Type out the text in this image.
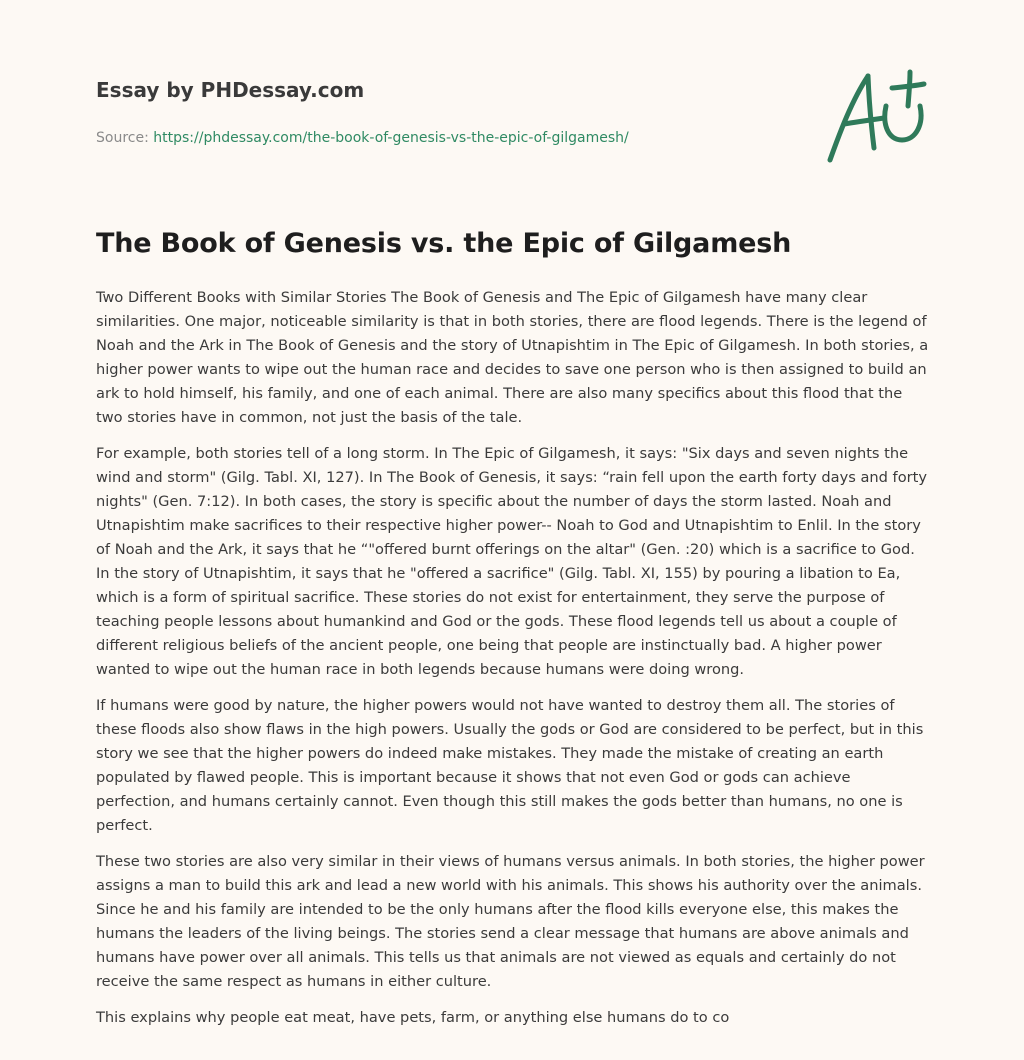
Essay by PHDessay.com
Source: https://phdessay.com/the-book-of-genesis-vs-the-epic-of-gilgamesh/
The Book of Genesis vs. the Epic of Gilgamesh

Two Different Books with Similar Stories The Book of Genesis and The Epic of Gilgamesh have many clear similarities. One major, noticeable similarity is that in both stories, there are flood legends. There is the legend of Noah and the Ark in The Book of Genesis and the story of Utnapishtim in The Epic of Gilgamesh. In both stories, a higher power wants to wipe out the human race and decides to save one person who is then assigned to build an ark to hold himself, his family, and one of each animal. There are also many specifics about this flood that the two stories have in common, not just the basis of the tale.

For example, both stories tell of a long storm. In The Epic of Gilgamesh, it says: "Six days and seven nights the wind and storm" (Gilg. Tabl. XI, 127). In The Book of Genesis, it says: “rain fell upon the earth forty days and forty nights" (Gen. 7:12). In both cases, the story is specific about the number of days the storm lasted. Noah and Utnapishtim make sacrifices to their respective higher power-- Noah to God and Utnapishtim to Enlil. In the story of Noah and the Ark, it says that he “"offered burnt offerings on the altar" (Gen. :20) which is a sacrifice to God. In the story of Utnapishtim, it says that he "offered a sacrifice" (Gilg. Tabl. XI, 155) by pouring a libation to Ea, which is a form of spiritual sacrifice. These stories do not exist for entertainment, they serve the purpose of teaching people lessons about humankind and God or the gods. These flood legends tell us about a couple of different religious beliefs of the ancient people, one being that people are instinctually bad. A higher power wanted to wipe out the human race in both legends because humans were doing wrong.

If humans were good by nature, the higher powers would not have wanted to destroy them all. The stories of these floods also show flaws in the high powers. Usually the gods or God are considered to be perfect, but in this story we see that the higher powers do indeed make mistakes. They made the mistake of creating an earth populated by flawed people. This is important because it shows that not even God or gods can achieve perfection, and humans certainly cannot. Even though this still makes the gods better than humans, no one is perfect.

These two stories are also very similar in their views of humans versus animals. In both stories, the higher power assigns a man to build this ark and lead a new world with his animals. This shows his authority over the animals. Since he and his family are intended to be the only humans after the flood kills everyone else, this makes the humans the leaders of the living beings. The stories send a clear message that humans are above animals and humans have power over all animals. This tells us that animals are not viewed as equals and certainly do not receive the same respect as humans in either culture.

This explains why people eat meat, have pets, farm, or anything else humans do to co
